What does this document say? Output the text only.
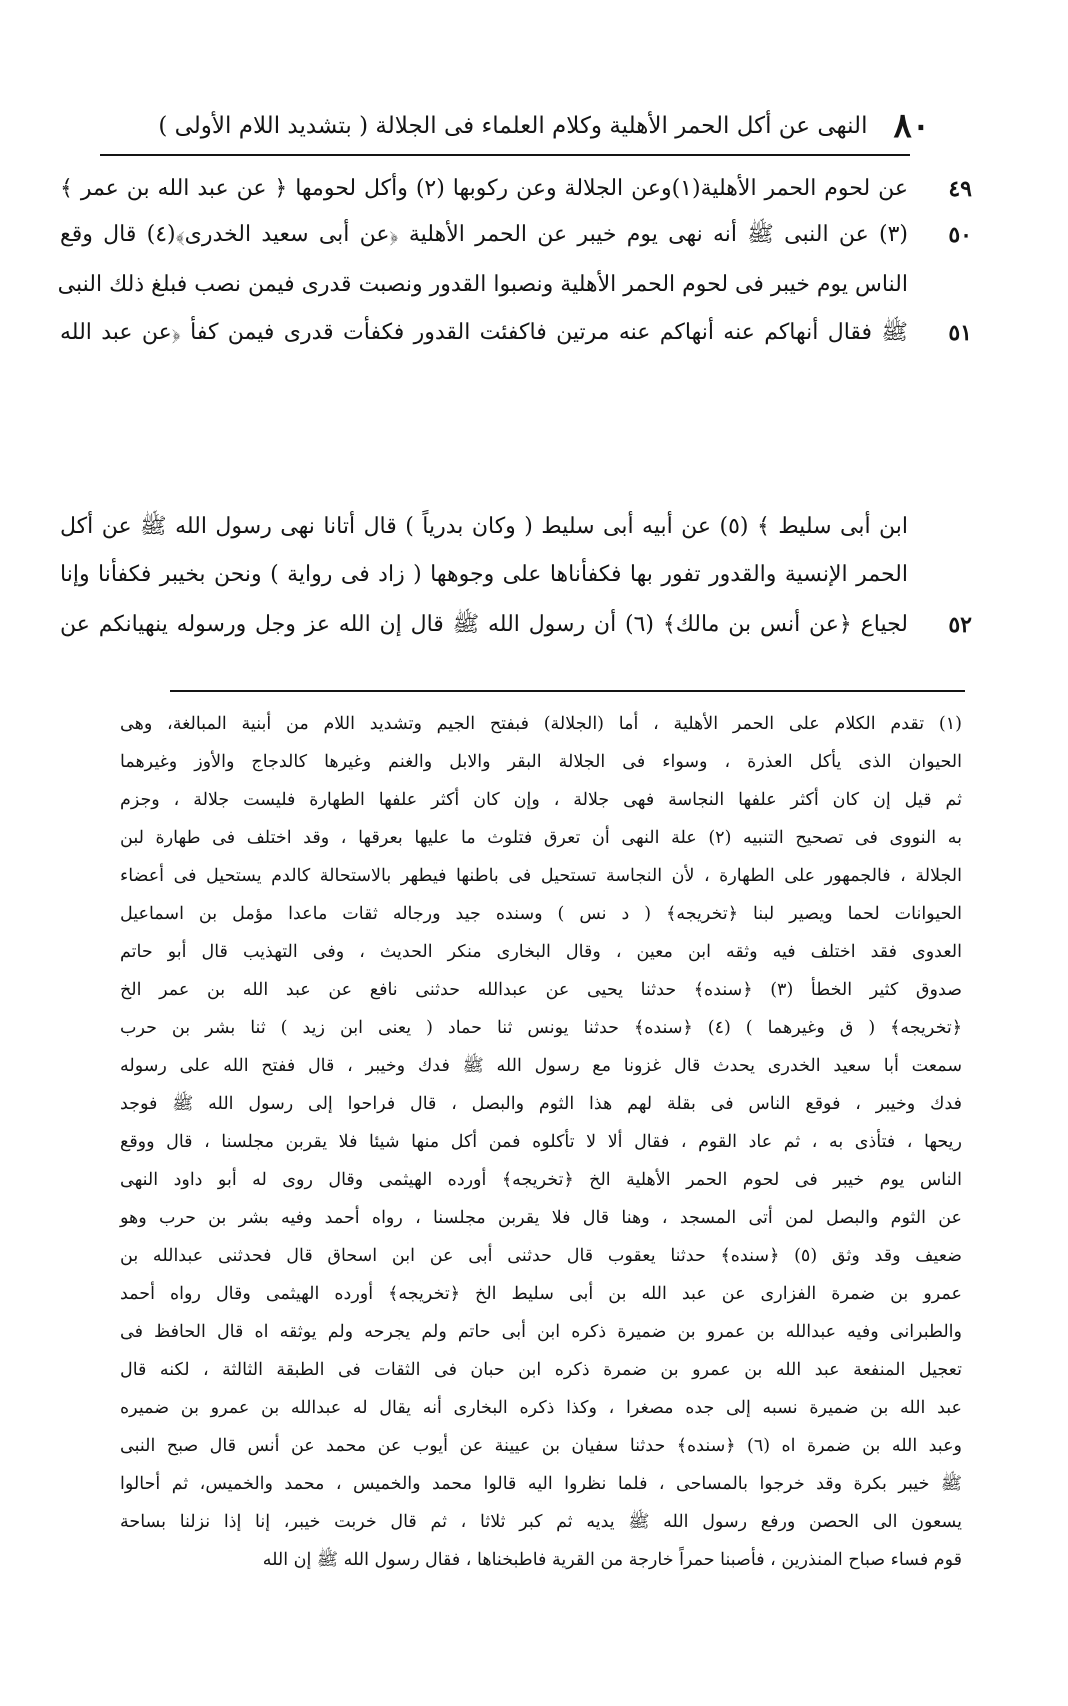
٨٠
النهى عن أكل الحمر الأهلية وكلام العلماء فى الجلالة ( بتشديد اللام الأولى )
٤٩
عن لحوم الحمر الأهلية(١)وعن الجلالة وعن ركوبها (٢) وأكل لحومها ﴿ عن عبد الله بن عمر ﴾
٥٠
(٣) عن النبى ﷺ أنه نهى يوم خيبر عن الحمر الأهلية ﴿عن أبى سعيد الخدرى﴾(٤) قال وقع
الناس يوم خيبر فى لحوم الحمر الأهلية ونصبوا القدور ونصبت قدرى فيمن نصب فبلغ ذلك النبى
٥١
ﷺ فقال أنهاكم عنه أنهاكم عنه مرتين فاكفئت القدور فكفأت قدرى فيمن كفأ ﴿عن عبد الله
ابن أبى سليط ﴾ (٥) عن أبيه أبى سليط ( وكان بدرياً ) قال أتانا نهى رسول الله ﷺ عن أكل
الحمر الإنسية والقدور تفور بها فكفأناها على وجوهها ( زاد فى رواية ) ونحن بخيبر فكفأنا وإنا
٥٢
لجياع ﴿عن أنس بن مالك﴾ (٦) أن رسول الله ﷺ قال إن الله عز وجل ورسوله ينهيانكم عن
(١) تقدم الكلام على الحمر الأهلية ، أما (الجلالة) فبفتح الجيم وتشديد اللام من أبنية المبالغة، وهى
الحيوان الذى يأكل العذرة ، وسواء فى الجلالة البقر والابل والغنم وغيرها كالدجاج والأوز وغيرهما
ثم قيل إن كان أكثر علفها النجاسة فهى جلالة ، وإن كان أكثر علفها الطهارة فليست جلالة ، وجزم
به النووى فى تصحيح التنبيه (٢) علة النهى أن تعرق فتلوث ما عليها بعرقها ، وقد اختلف فى طهارة لبن
الجلالة ، فالجمهور على الطهارة ، لأن النجاسة تستحيل فى باطنها فيطهر بالاستحالة كالدم يستحيل فى أعضاء
الحيوانات لحما ويصير لبنا ﴿تخريجه﴾ ( د نس ) وسنده جيد ورجاله ثقات ماعدا مؤمل بن اسماعيل
العدوى فقد اختلف فيه وثقه ابن معين ، وقال البخارى منكر الحديث ، وفى التهذيب قال أبو حاتم
صدوق كثير الخطأ (٣) ﴿سنده﴾ حدثنا يحيى عن عبدالله حدثنى نافع عن عبد الله بن عمر الخ
﴿تخريجه﴾ ( ق وغيرهما ) (٤) ﴿سنده﴾ حدثنا يونس ثنا حماد ( يعنى ابن زيد ) ثنا بشر بن حرب
سمعت أبا سعيد الخدرى يحدث قال غزونا مع رسول الله ﷺ فدك وخيبر ، قال ففتح الله على رسوله
فدك وخيبر ، فوقع الناس فى بقلة لهم هذا الثوم والبصل ، قال فراحوا إلى رسول الله ﷺ فوجد
ريحها ، فتأذى به ، ثم عاد القوم ، فقال ألا لا تأكلوه فمن أكل منها شيئا فلا يقربن مجلسنا ، قال ووقع
الناس يوم خيبر فى لحوم الحمر الأهلية الخ ﴿تخريجه﴾ أورده الهيثمى وقال روى له أبو داود النهى
عن الثوم والبصل لمن أتى المسجد ، وهنا قال فلا يقربن مجلسنا ، رواه أحمد وفيه بشر بن حرب وهو
ضعيف وقد وثق (٥) ﴿سنده﴾ حدثنا يعقوب قال حدثنى أبى عن ابن اسحاق قال فحدثنى عبدالله بن
عمرو بن ضمرة الفزارى عن عبد الله بن أبى سليط الخ ﴿تخريجه﴾ أورده الهيثمى وقال رواه أحمد
والطبرانى وفيه عبدالله بن عمرو بن ضميرة ذكره ابن أبى حاتم ولم يجرحه ولم يوثقه اه قال الحافظ فى
تعجيل المنفعة عبد الله بن عمرو بن ضمرة ذكره ابن حبان فى الثقات فى الطبقة الثالثة ، لكنه قال
عبد الله بن ضميرة نسبه إلى جده مصغرا ، وكذا ذكره البخارى أنه يقال له عبدالله بن عمرو بن ضميره
وعبد الله بن ضمرة اه (٦) ﴿سنده﴾ حدثنا سفيان بن عيينة عن أيوب عن محمد عن أنس قال صبح النبى
ﷺ خيبر بكرة وقد خرجوا بالمساحى ، فلما نظروا اليه قالوا محمد والخميس ، محمد والخميس، ثم أحالوا
يسعون الى الحصن ورفع رسول الله ﷺ يديه ثم كبر ثلاثا ، ثم قال خربت خيبر، إنا إذا نزلنا بساحة
قوم فساء صباح المنذرين ، فأصبنا حمراً خارجة من القرية فاطبخناها ، فقال رسول الله ﷺ إن الله
